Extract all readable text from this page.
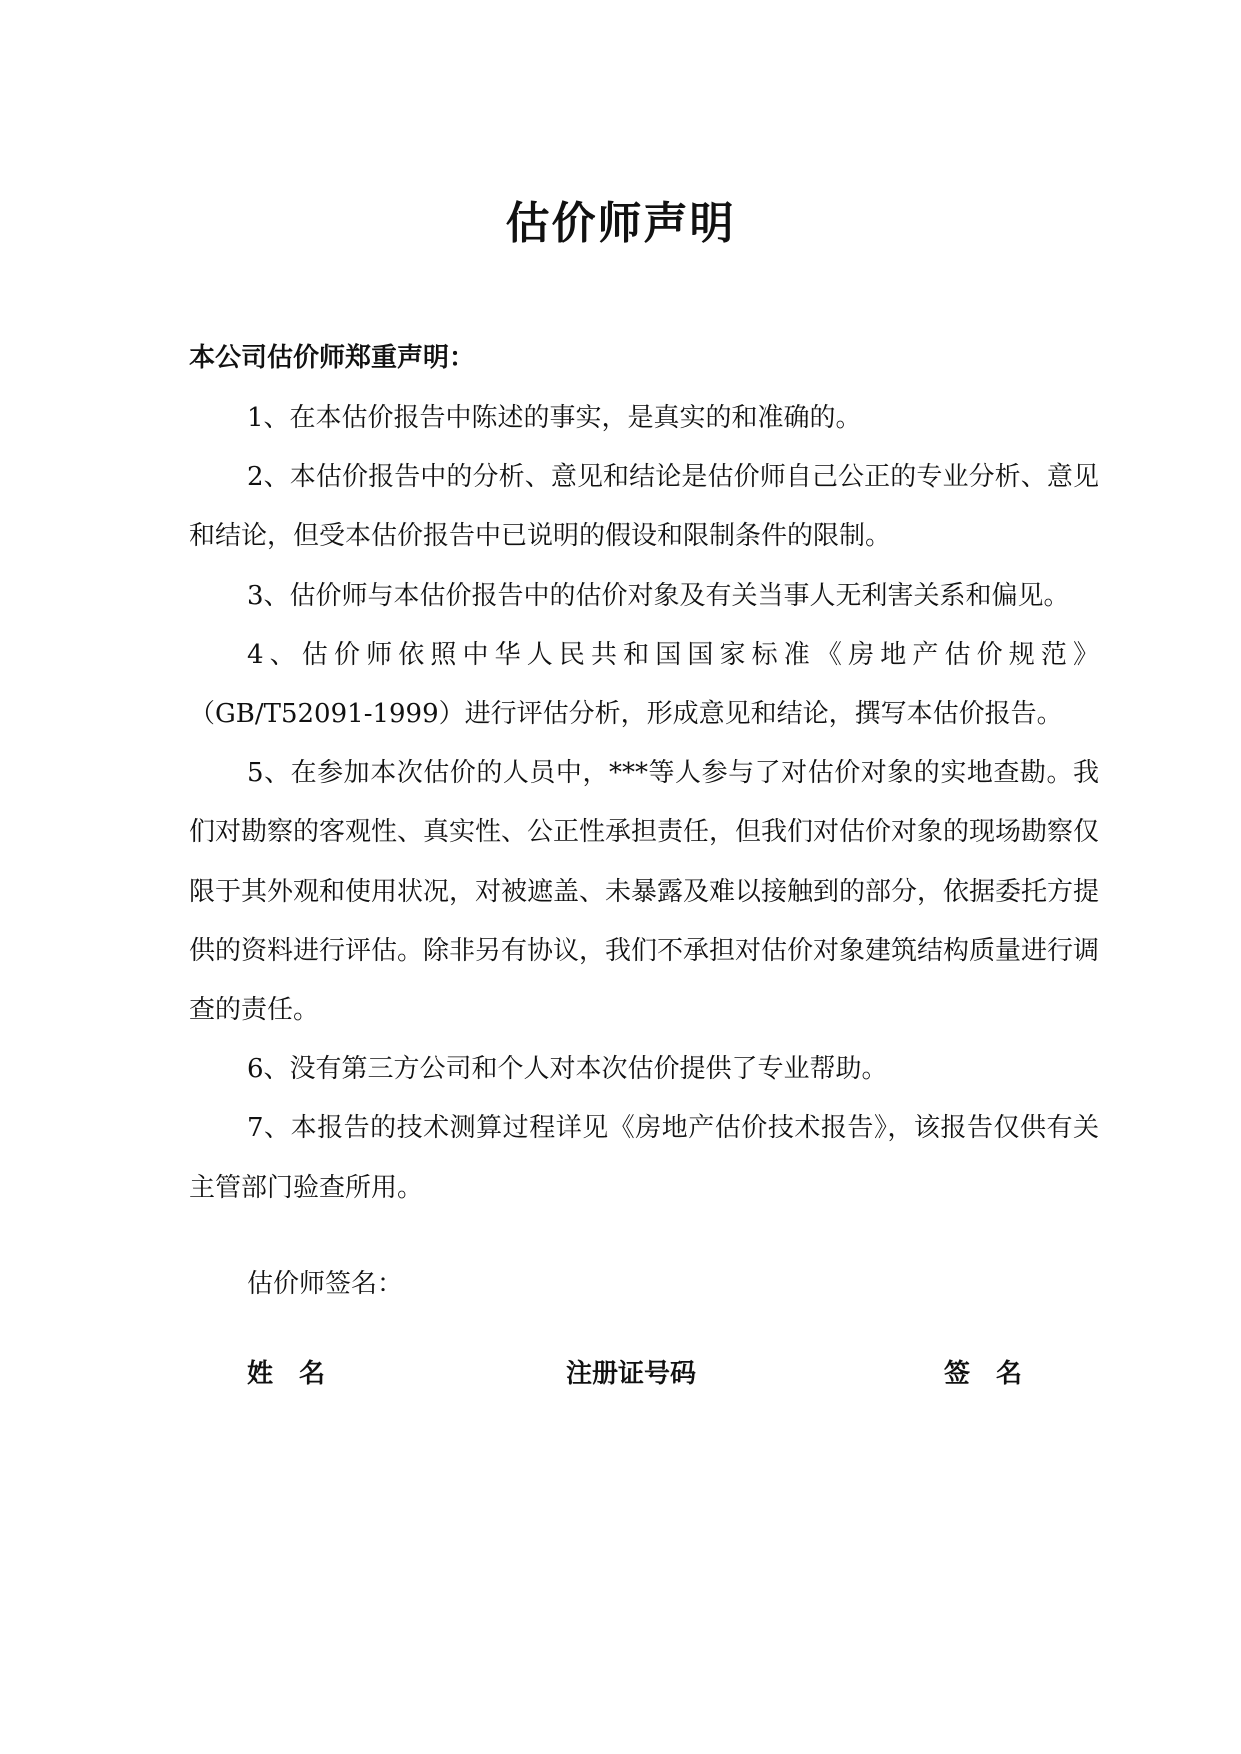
估价师声明
本公司估价师郑重声明：

1、在本估价报告中陈述的事实，是真实的和准确的。

2、本估价报告中的分析、意见和结论是估价师自己公正的专业分析、意见和结论，但受本估价报告中已说明的假设和限制条件的限制。

3、估价师与本估价报告中的估价对象及有关当事人无利害关系和偏见。

4、估价师依照中华人民共和国国家标准《房地产估价规范》（GB/T52091-1999）进行评估分析，形成意见和结论，撰写本估价报告。

5、在参加本次估价的人员中，***等人参与了对估价对象的实地查勘。我们对勘察的客观性、真实性、公正性承担责任，但我们对估价对象的现场勘察仅限于其外观和使用状况，对被遮盖、未暴露及难以接触到的部分，依据委托方提供的资料进行评估。除非另有协议，我们不承担对估价对象建筑结构质量进行调查的责任。

6、没有第三方公司和个人对本次估价提供了专业帮助。

7、本报告的技术测算过程详见《房地产估价技术报告》，该报告仅供有关主管部门验查所用。

估价师签名：
姓　名	注册证号码	签　名
